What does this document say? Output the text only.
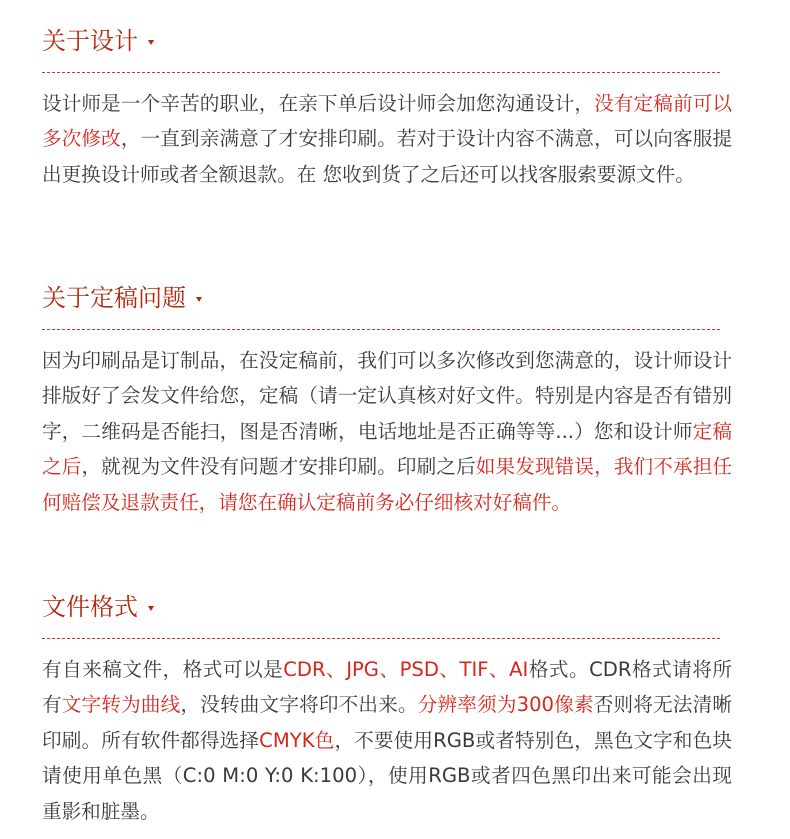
关于设计
设计师是一个辛苦的职业，在亲下单后设计师会加您沟通设计，没有定稿前可以多次修改，一直到亲满意了才安排印刷。若对于设计内容不满意，可以向客服提出更换设计师或者全额退款。在 您收到货了之后还可以找客服索要源文件。
关于定稿问题
因为印刷品是订制品，在没定稿前，我们可以多次修改到您满意的，设计师设计排版好了会发文件给您，定稿（请一定认真核对好文件。特别是内容是否有错别字，二维码是否能扫，图是否清晰，电话地址是否正确等等...）您和设计师定稿之后，就视为文件没有问题才安排印刷。印刷之后如果发现错误，我们不承担任何赔偿及退款责任，请您在确认定稿前务必仔细核对好稿件。
文件格式
有自来稿文件，格式可以是CDR、JPG、PSD、TIF、AI格式。CDR格式请将所有文字转为曲线，没转曲文字将印不出来。分辨率须为300像素否则将无法清晰印刷。所有软件都得选择CMYK色，不要使用RGB或者特别色，黑色文字和色块请使用单色黑（C:0 M:0 Y:0 K:100），使用RGB或者四色黑印出来可能会出现重影和脏墨。
